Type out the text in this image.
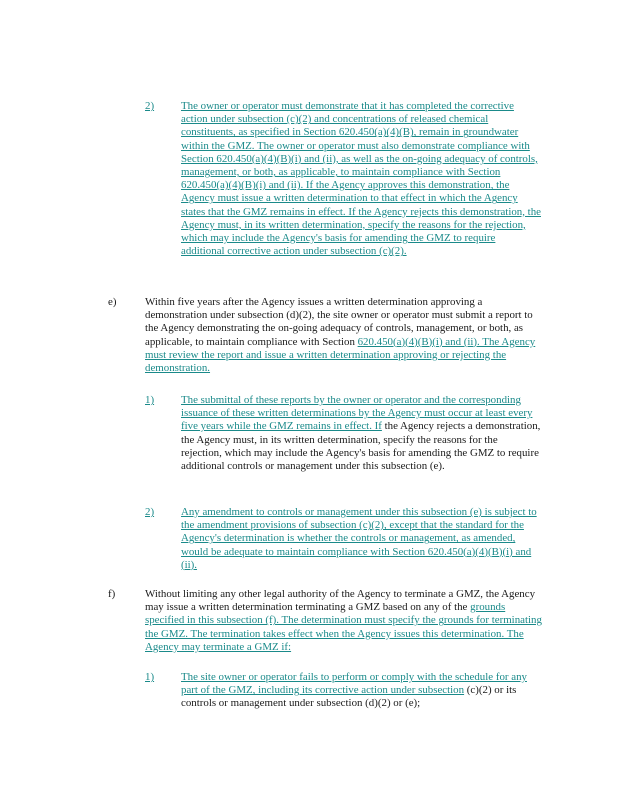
2) The owner or operator must demonstrate that it has completed the corrective action under subsection (c)(2) and concentrations of released chemical constituents, as specified in Section 620.450(a)(4)(B), remain in groundwater within the GMZ. The owner or operator must also demonstrate compliance with Section 620.450(a)(4)(B)(i) and (ii), as well as the on-going adequacy of controls, management, or both, as applicable, to maintain compliance with Section 620.450(a)(4)(B)(i) and (ii). If the Agency approves this demonstration, the Agency must issue a written determination to that effect in which the Agency states that the GMZ remains in effect. If the Agency rejects this demonstration, the Agency must, in its written determination, specify the reasons for the rejection, which may include the Agency's basis for amending the GMZ to require additional corrective action under subsection (c)(2).

e)	Within five years after the Agency issues a written determination approving a demonstration under subsection (d)(2), the site owner or operator must submit a report to the Agency demonstrating the on-going adequacy of controls, management, or both, as applicable, to maintain compliance with Section 620.450(a)(4)(B)(i) and (ii). The Agency must review the report and issue a written determination approving or rejecting the demonstration.

1) The submittal of these reports by the owner or operator and the corresponding issuance of these written determinations by the Agency must occur at least every five years while the GMZ remains in effect. If the Agency rejects a demonstration, the Agency must, in its written determination, specify the reasons for the rejection, which may include the Agency's basis for amending the GMZ to require additional controls or management under this subsection (e).

2) Any amendment to controls or management under this subsection (e) is subject to the amendment provisions of subsection (c)(2), except that the standard for the Agency's determination is whether the controls or management, as amended, would be adequate to maintain compliance with Section 620.450(a)(4)(B)(i) and (ii).

f)	Without limiting any other legal authority of the Agency to terminate a GMZ, the Agency may issue a written determination terminating a GMZ based on any of the grounds specified in this subsection (f). The determination must specify the grounds for terminating the GMZ. The termination takes effect when the Agency issues this determination. The Agency may terminate a GMZ if:

1) The site owner or operator fails to perform or comply with the schedule for any part of the GMZ, including its corrective action under subsection (c)(2) or its controls or management under subsection (d)(2) or (e);
